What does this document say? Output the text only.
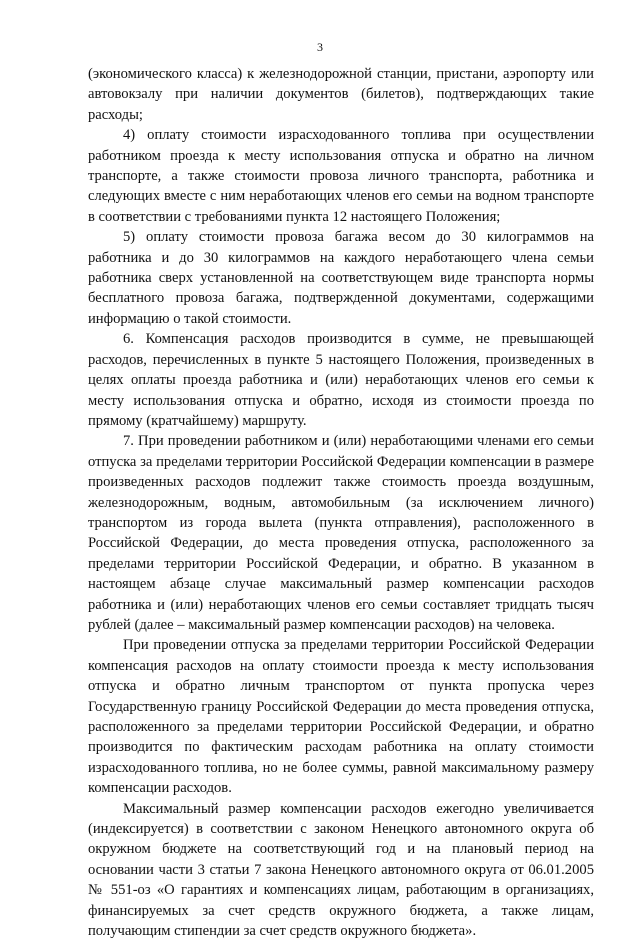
3

(экономического класса) к железнодорожной станции, пристани, аэропорту или автовокзалу при наличии документов (билетов), подтверждающих такие расходы;

4) оплату стоимости израсходованного топлива при осуществлении работником проезда к месту использования отпуска и обратно на личном транспорте, а также стоимости провоза личного транспорта, работника и следующих вместе с ним неработающих членов его семьи на водном транспорте в соответствии с требованиями пункта 12 настоящего Положения;

5) оплату стоимости провоза багажа весом до 30 килограммов на работника и до 30 килограммов на каждого неработающего члена семьи работника сверх установленной на соответствующем виде транспорта нормы бесплатного провоза багажа, подтвержденной документами, содержащими информацию о такой стоимости.

6. Компенсация расходов производится в сумме, не превышающей расходов, перечисленных в пункте 5 настоящего Положения, произведенных в целях оплаты проезда работника и (или) неработающих членов его семьи к месту использования отпуска и обратно, исходя из стоимости проезда по прямому (кратчайшему) маршруту.

7. При проведении работником и (или) неработающими членами его семьи отпуска за пределами территории Российской Федерации компенсации в размере произведенных расходов подлежит также стоимость проезда воздушным, железнодорожным, водным, автомобильным (за исключением личного) транспортом из города вылета (пункта отправления), расположенного в Российской Федерации, до места проведения отпуска, расположенного за пределами территории Российской Федерации, и обратно. В указанном в настоящем абзаце случае максимальный размер компенсации расходов работника и (или) неработающих членов его семьи составляет тридцать тысяч рублей (далее – максимальный размер компенсации расходов) на человека.

При проведении отпуска за пределами территории Российской Федерации компенсация расходов на оплату стоимости проезда к месту использования отпуска и обратно личным транспортом от пункта пропуска через Государственную границу Российской Федерации до места проведения отпуска, расположенного за пределами территории Российской Федерации, и обратно производится по фактическим расходам работника на оплату стоимости израсходованного топлива, но не более суммы, равной максимальному размеру компенсации расходов.

Максимальный размер компенсации расходов ежегодно увеличивается (индексируется) в соответствии с законом Ненецкого автономного округа об окружном бюджете на соответствующий год и на плановый период на основании части 3 статьи 7 закона Ненецкого автономного округа от 06.01.2005 № 551-оз «О гарантиях и компенсациях лицам, работающим в организациях, финансируемых за счет средств окружного бюджета, а также лицам, получающим стипендии за счет средств окружного бюджета».
